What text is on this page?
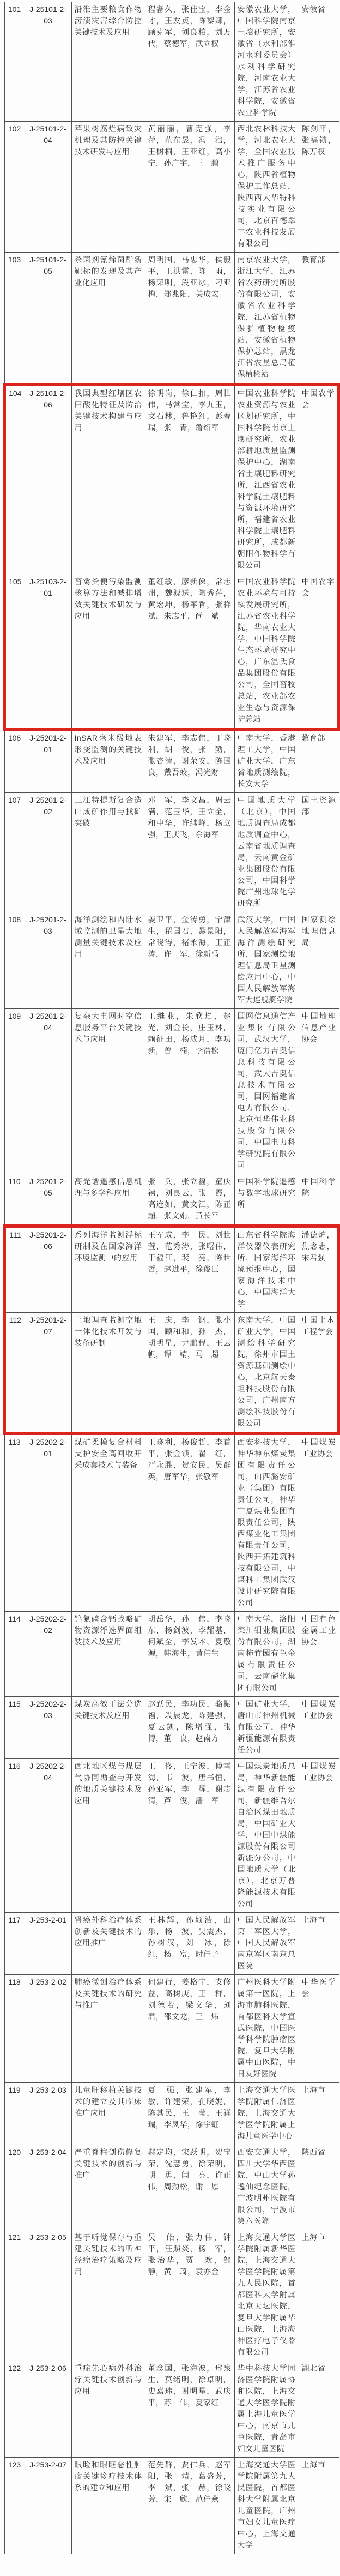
101	J-25101-2-03	沿淮主要粮食作物涝渍灾害综合防控关键技术及应用	程备久，张佳宝，李金才，王友贞，陈黎卿，顾克军，刘良柏，刘万代，蔡德军，武立权	安徽农业大学，中国科学院南京土壤研究所，安徽省（水利部淮河水利委员会）水利科学研究院，河南农业大学，江苏省农业科学院，安徽省农业科学院	安徽省
102	J-25101-2-04	苹果树腐烂病致灾机理及其防控关键技术研发与应用	黄丽丽，曹克强，李　萍，范东晟，冯　浩，王树桐，王亚红，高小宁，孙广宇，王　鹏	西北农林科技大学，河北农业大学，全国农业技术推广服务中心，陕西省植物保护工作总站，陕西西大华特科技实业有限公司，北京百德翠丰农业科技发展有限公司	陈剑平，张福锁，陈万权
103	J-25101-2-05	杀菌剂氰烯菌酯新靶标的发现及其产业化应用	周明国，马忠华，侯毅平，王洪雷，陈　雨，杨荣明，段亚冰，刁亚梅，郑兆阳，关成宏	南京农业大学，浙江大学，江苏省农药研究所股份有限公司，安徽省农业科学院，江苏省植物保护植物检疫站，安徽省植物保护总站，黑龙江省农垦总局植保植检站	教育部
104	J-25101-2-06	我国典型红壤区农田酸化特征及防治关键技术构建与应用	徐明岗，徐仁扣，周世伟，马常宝，李九玉，文石林，鲁艳红，彭春瑞，张　青，詹绍军	中国农业科学院农业资源与农业区划研究所，中国科学院南京土壤研究所，农业部耕地质量监测保护中心，湖南省土壤肥料研究所，江西省农业科学院土壤肥料与资源环境研究所，福建省农业科学院土壤肥料研究所，成都新朝阳作物科学有限公司	中国农学会
105	J-25103-2-01	畜禽粪便污染监测核算方法和减排增效关键技术研发与应用	董红敏，廖新俤，常志州，魏源送，陶秀萍，黄宏坤，杨军香，张祥斌，朱志平，尚　斌	中国农业科学院农业环境与可持续发展研究所，江苏省农业科学院，华南农业大学，中国科学院生态环境研究中心，广东温氏食品集团股份有限公司，全国畜牧总站，农业部农业生态与资源保护总站	中国农学会
106	J-25201-2-01	InSAR毫米级地表形变监测的关键技术及应用	朱建军，李志伟，丁晓利，胡　俊，张　勤，张杏清，谢荣安，陈国良，戴吾蛟，冯光财	中南大学，香港理工大学，中国矿业大学，广东省地质测绘院，长安大学	教育部
107	J-25201-2-02	三江特提斯复合造山成矿作用与找矿突破	邓　军，李文昌，周云满，范玉华，王立全，和中华，许继峰，杨立强，王庆飞，余海军	中国地质大学（北京），中国地质调查局成都地质调查中心，云南省地质调查局，云南黄金矿业集团股份有限公司，中国科学院广州地球化学研究所	国土资源部
108	J-25201-2-03	海洋测绘和内陆水域监测的卫星大地测量关键技术及应用	姜卫平，金涛勇，宁津生，翟国君，暴景阳，常晓涛，褚永海，王正涛，许　军，徐新禹	武汉大学，中国人民解放军海军海洋测绘研究所，国家测绘地理信息局卫星测绘应用中心，中国人民解放军海军大连舰艇学院	国家测绘地理信息局
109	J-25201-2-04	复杂大电网时空信息服务平台关键技术与应用	王继业，朱欣焰，赵　光，刘金长，庄玉林，赖征田，杨成月，李功新，曾　楠，李浩松	国网信息通信产业集团有限公司，武汉大学，厦门亿力吉奥信息科技有限公司，武大吉奥信息技术有限公司，国网福建省电力有限公司，北京恒华伟业科技股份有限公司，中国电力科学研究院有限公司	中国地理信息产业协会
110	J-25201-2-05	高光谱遥感信息机理与多学科应用	张　兵，张立福，童庆禧，刘良云，张　霞，高连如，黄文江，陈正超，张文娟，黄长平	中国科学院遥感与数字地球研究所	中国科学院
111	J-25201-2-06	系列海洋监测浮标研制及在国家海洋环境监测中的应用	王军成，李　民，刘世萱，范秀涛，张曙伟，于福江，裴　亮，陈世哲，赵进平，徐俊臣	山东省科学院海洋仪器仪表研究所，国家海洋环境预报中心，国家海洋技术中心，中国海洋大学	潘德炉，焦念志，宋君强
112	J-25201-2-07	土地调查监测空地一体化技术开发与装备研制	王　庆，李　钢，张小国，顾和和，孙　杰，胡明星，尹鹏程，王云帆，谭　靖，马　超	东南大学，中国矿业大学，中国测绘科学研究院，徐州市国土资源基础测绘中心，北京航天泰坦科技股份有限公司，广州南方测绘科技股份有限公司	中国土木工程学会
113	J-25202-2-01	煤矿柔模复合材料支护安全高回收开采成套技术与装备	王晓利，杨俊哲，李首平，张金锁，翟　红，严永胜，贺安民，吴群英，唐军华，张敬军	西安科技大学，神华神东煤炭集团有限责任公司，山西潞安矿业（集团）有限责任公司，神华宁夏煤业集团有限责任公司，陕西煤业化工集团有限责任公司，陕西开拓建筑科技有限公司，中煤科工集团武汉设计研究院有限公司	中国煤炭工业协会
114	J-25202-2-02	钨氟磷含钙战略矿物资源浮选界面组装技术及应用	胡岳华，孙　伟，李晓东，杨剑波，李耀基，何斌全，李发本，夏敬源，韩海生，黄伟生	中南大学，洛阳栾川钼业集团股份有限公司，湖南柿竹园有色金属有限责任公司，云南磷化集团有限公司	中国有色金属工业协会
115	J-25202-2-03	煤炭高效干法分选关键技术及应用	赵跃民，李功民，骆振福，段晨龙，陈建强，夏云凯，陈增强，张　博，董　良，赵南方	中国矿业大学，唐山市神州机械有限公司，神华新疆能源有限责任公司	中国煤炭工业协会
116	J-25202-2-04	西北地区煤与煤层气协同勘查与开发的地质关键技术及应用	王　佟，王宁波，傅雪海，韦　波，唐书恒，孙亚军，李　辉，谢志清，芦　俊，潘　军	中国煤炭地质总局，神华新疆能源有限责任公司，新疆维吾尔自治区煤田地质局，中国矿业大学，中国中煤能源股份有限公司新疆分公司，中国地质大学（北京），北京万普隆能源技术有限公司	中国煤炭工业协会
117	J-253-2-01	肾癌外科治疗体系创新及关键技术的应用推广	王林辉，孙颖浩，曲　乐，杨　波，吴震杰，孙树汉，刘　冰，徐　红，杨　富，时佳子	中国人民解放军第二军医大学，中国人民解放军南京军区南京总医院	上海市
118	J-253-2-02	肺癌微创治疗体系及关键技术的研究与推广	何建行，姜格宁，支修益，高树庚，王　群，刘德若，梁文华，刘　君，邵文龙，王　炜	广州医科大学附属第一医院，上海市肺科医院，首都医科大学宣武医院，中国医学科学院肿瘤医院，复旦大学附属中山医院，中日友好医院	中华医学会
119	J-253-2-03	儿童肝移植关键技术的建立及其临床推广应用	夏　强，张建军，李　敏，许建荣，孔晓妮，陈其民，王　莹，王祥瑞，李凤华，徐宇虹	上海交通大学医学院附属仁济医院，上海交通大学医学院附属上海儿童医学中心	上海市
120	J-253-2-04	严重脊柱创伤修复关键技术的创新与推广	郝定均，宋跃明，贺宝荣，沈慧勇，徐荣明，胡　勇，闫　亮，许正伟，周劲松，谢　恩	西安交通大学，四川大学华西医院，中山大学孙逸仙纪念医院，宁波明州医院有限公司，宁波市第六医院	陕西省
121	J-253-2-05	基于听觉保存与重建关键技术的听神经瘤治疗策略及应用	吴　皓，张力伟，钟　平，汪照炎，杨　军，张治华，贾　欢，邹　静，黄　琦，袁亦金	上海交通大学医学院附属新华医院，上海交通大学医学院附属第九人民医院，首都医科大学附属北京天坛医院，复旦大学附属华山医院，上海海神医疗电子仪器有限公司	上海市
122	J-253-2-06	重症先心病外科治疗关键技术创新与应用	董念国，张海波，邢泉生，莫绪明，徐卓明，史嘉玮，谢明星，武庆平，苏　伟，夏家红	华中科技大学同济医学院附属协和医院，上海交通大学医学院附属上海儿童医学中心，南京市儿童医院，青岛市妇女儿童医院	湖北省
123	J-253-2-07	眼睑和眼眶恶性肿瘤关键诊疗技术体系的建立和应用	范先群，贾仁兵，赵军阳，张　靖，葛盛芳，李　斌，张　赫，徐晓芳，宋　欣，范佳燕	上海交通大学医学院附属第九人民医院，首都医科大学附属北京儿童医院，广州市妇女儿童医疗中心，上海交通大学	上海市
